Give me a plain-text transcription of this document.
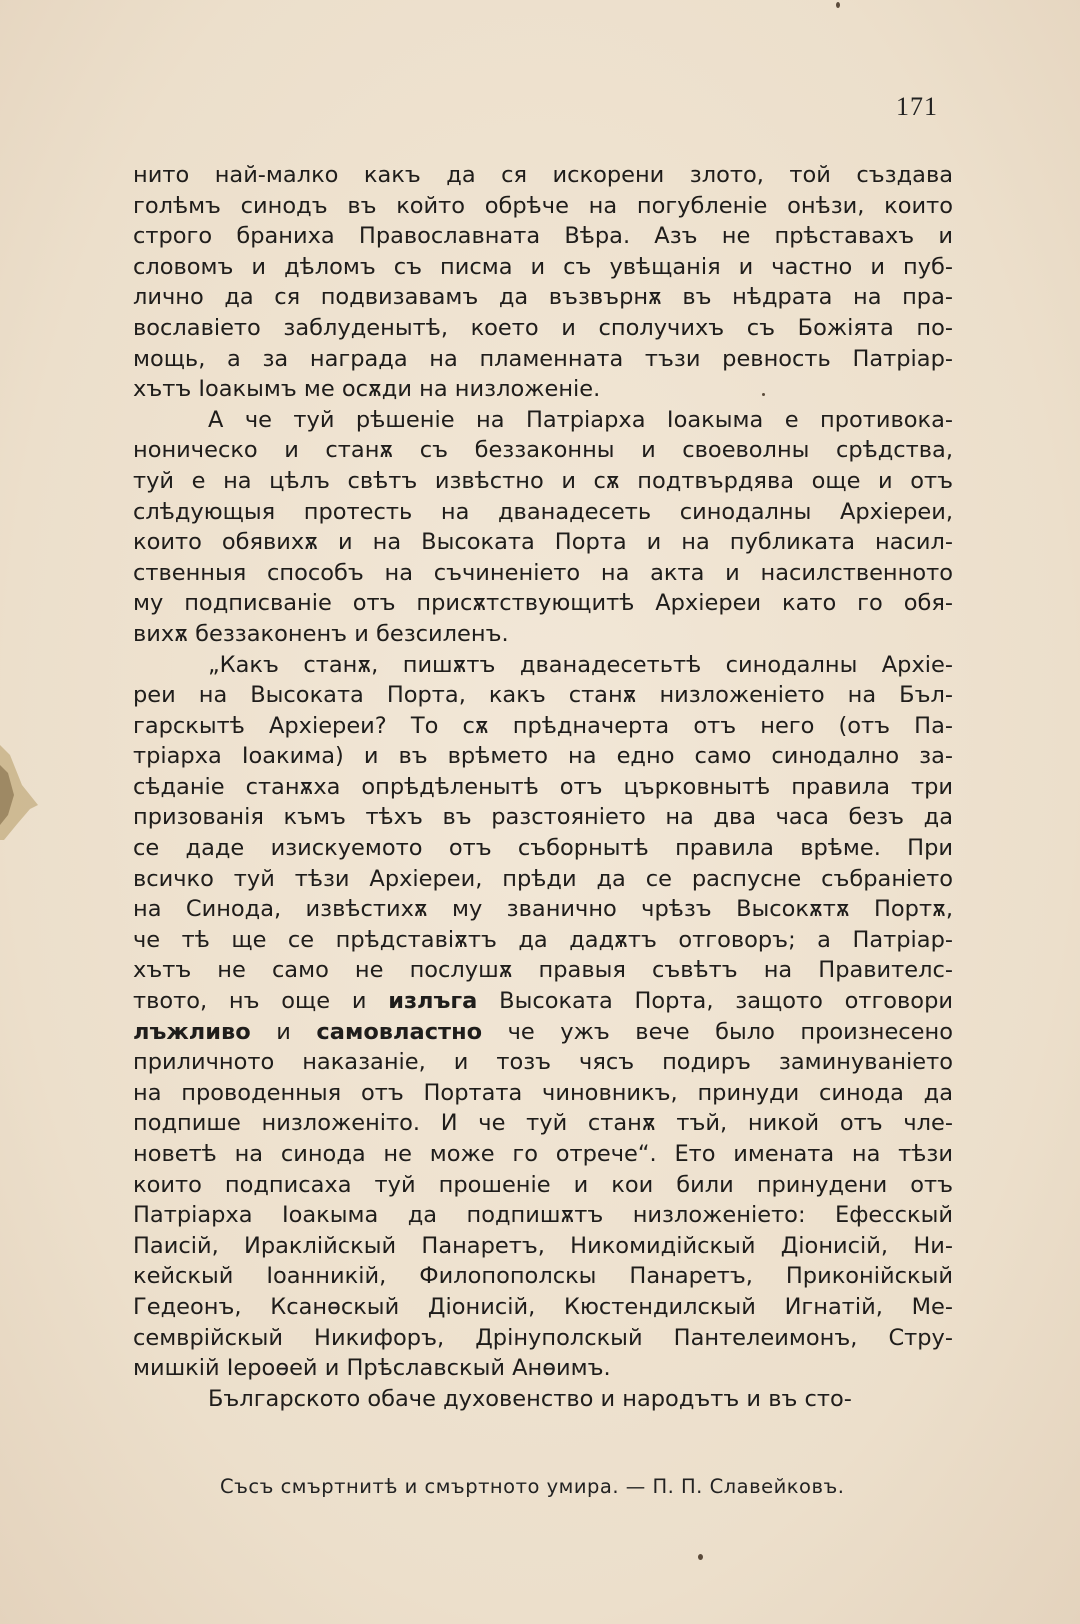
171
нито най-малко какъ да ся искорени злото, той създава
голѣмъ синодъ въ който обрѣче на погубленіе онѣзи, които
строго браниха Православната Вѣра. Азъ не прѣставахъ и
словомъ и дѣломъ съ писма и съ увѣщанія и частно и пуб-
лично да ся подвизавамъ да възвърнѫ въ нѣдрата на пра-
вославіето заблуденытѣ, което и сполучихъ съ Божіята по-
мощь, а за награда на пламенната тъзи ревность Патріар-
хътъ Іоакымъ ме осѫди на низложеніе.
А че туй рѣшеніе на Патріарха Іоакыма е противока-
ноническо и станѫ съ беззаконны и своеволны срѣдства,
туй е на цѣлъ свѣтъ извѣстно и сѫ подтвърдява още и отъ
слѣдующыя протесть на дванадесеть синодалны Архіереи,
които обявихѫ и на Высоката Порта и на публиката насил-
ственныя способъ на съчиненіето на акта и насилственното
му подписваніе отъ присѫтствующитѣ Архіереи като го обя-
вихѫ беззаконенъ и безсиленъ.
„Какъ станѫ, пишѫтъ дванадесетьтѣ синодалны Архіе-
реи на Высоката Порта, какъ станѫ низложеніето на Бъл-
гарскытѣ Архіереи? То сѫ прѣдначерта отъ него (отъ Па-
тріарха Іоакима) и въ врѣмето на едно само синодално за-
сѣданіе станѫха опрѣдѣленытѣ отъ църковнытѣ правила три
призованія къмъ тѣхъ въ разстояніето на два часа безъ да
се даде изискуемото отъ съборнытѣ правила врѣме. При
всичко туй тѣзи Архіереи, прѣди да се распусне събраніето
на Синода, извѣстихѫ му званично чрѣзъ Высокѫтѫ Портѫ,
че тѣ ще се прѣдставіѫтъ да дадѫтъ отговоръ; а Патріар-
хътъ не само не послушѫ правыя съвѣтъ на Правителс-
твото, нъ още и излъга Высоката Порта, защото отговори
лъжливо и самовластно че ужъ вече было произнесено
приличното наказаніе, и тозъ чясъ подиръ заминуваніето
на проводенныя отъ Портата чиновникъ, принуди синода да
подпише низложеніто. И че туй станѫ тъй, никой отъ чле-
новетѣ на синода не може го отрече“. Ето имената на тѣзи
които подписаха туй прошеніе и кои били принудени отъ
Патріарха Іоакыма да подпишѫтъ низложеніето: Ефесскый
Паисій, Ираклійскый Панаретъ, Никомидійскый Діонисій, Ни-
кейскый Іоанникій, Филопополскы Панаретъ, Приконійскый
Гедеонъ, Ксанѳскый Діонисій, Кюстендилскый Игнатій, Ме-
семврійскый Никифоръ, Дрінуполскый Пантелеимонъ, Стру-
мишкій Іероѳей и Прѣславскый Анѳимъ.
Българското обаче духовенство и народътъ и въ сто-
Съсъ смъртнитѣ и смъртното умира. — П. П. Славейковъ.
